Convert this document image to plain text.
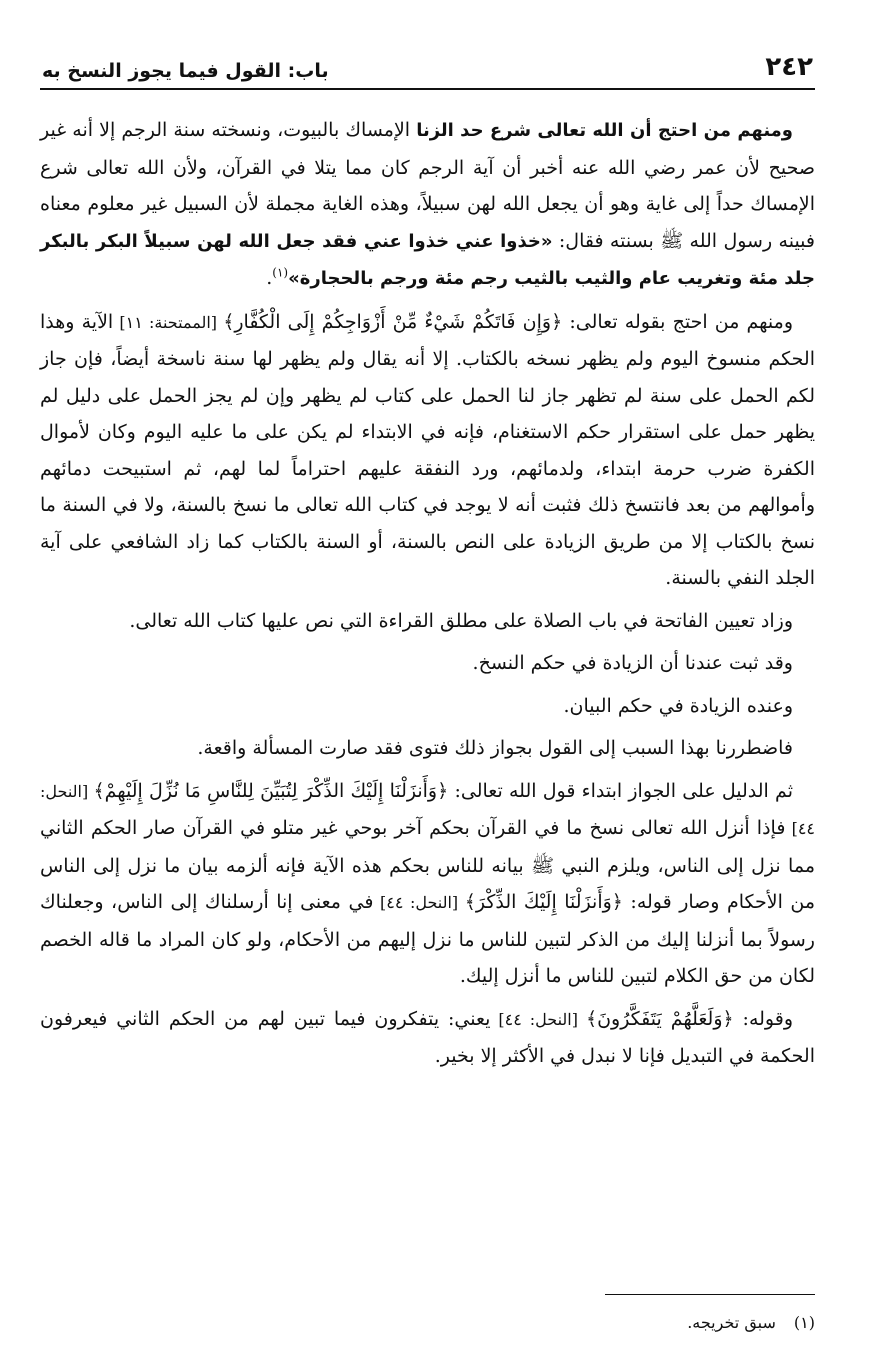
٢٤٢
باب: القول فيما يجوز النسخ به

ومنهم من احتج أن الله تعالى شرع حد الزنا الإمساك بالبيوت، ونسخته سنة الرجم إلا أنه غير صحيح لأن عمر رضي الله عنه أخبر أن آية الرجم كان مما يتلا في القرآن، ولأن الله تعالى شرع الإمساك حداً إلى غاية وهو أن يجعل الله لهن سبيلاً، وهذه الغاية مجملة لأن السبيل غير معلوم معناه فبينه رسول الله ﷺ بسنته فقال: «خذوا عني خذوا عني فقد جعل الله لهن سبيلاً البكر بالبكر جلد مئة وتغريب عام والثيب بالثيب رجم مئة ورجم بالحجارة»$^{(١)}$.

ومنهم من احتج بقوله تعالى: ﴿وَإِن فَاتَكُمْ شَيْءٌ مِّنْ أَزْوَاجِكُمْ إِلَى الْكُفَّارِ﴾ [الممتحنة: ١١] الآية وهذا الحكم منسوخ اليوم ولم يظهر نسخه بالكتاب. إلا أنه يقال ولم يظهر لها سنة ناسخة أيضاً، فإن جاز لكم الحمل على سنة لم تظهر جاز لنا الحمل على كتاب لم يظهر وإن لم يجز الحمل على دليل لم يظهر حمل على استقرار حكم الاستغنام، فإنه في الابتداء لم يكن على ما عليه اليوم وكان لأموال الكفرة ضرب حرمة ابتداء، ولدمائهم، ورد النفقة عليهم احتراماً لما لهم، ثم استبيحت دمائهم وأموالهم من بعد فانتسخ ذلك فثبت أنه لا يوجد في كتاب الله تعالى ما نسخ بالسنة، ولا في السنة ما نسخ بالكتاب إلا من طريق الزيادة على النص بالسنة، أو السنة بالكتاب كما زاد الشافعي على آية الجلد النفي بالسنة.

وزاد تعيين الفاتحة في باب الصلاة على مطلق القراءة التي نص عليها كتاب الله تعالى.

وقد ثبت عندنا أن الزيادة في حكم النسخ.

وعنده الزيادة في حكم البيان.

فاضطررنا بهذا السبب إلى القول بجواز ذلك فتوى فقد صارت المسألة واقعة.

ثم الدليل على الجواز ابتداء قول الله تعالى: ﴿وَأَنزَلْنَا إِلَيْكَ الذِّكْرَ لِتُبَيِّنَ لِلنَّاسِ مَا نُزِّلَ إِلَيْهِمْ﴾ [النحل: ٤٤] فإذا أنزل الله تعالى نسخ ما في القرآن بحكم آخر بوحي غير متلو في القرآن صار الحكم الثاني مما نزل إلى الناس، ويلزم النبي ﷺ بيانه للناس بحكم هذه الآية فإنه ألزمه بيان ما نزل إلى الناس من الأحكام وصار قوله: ﴿وَأَنزَلْنَا إِلَيْكَ الذِّكْرَ﴾ [النحل: ٤٤] في معنى إنا أرسلناك إلى الناس، وجعلناك رسولاً بما أنزلنا إليك من الذكر لتبين للناس ما نزل إليهم من الأحكام، ولو كان المراد ما قاله الخصم لكان من حق الكلام لتبين للناس ما أنزل إليك.

وقوله: ﴿وَلَعَلَّهُمْ يَتَفَكَّرُونَ﴾ [النحل: ٤٤] يعني: يتفكرون فيما تبين لهم من الحكم الثاني فيعرفون الحكمة في التبديل فإنا لا نبدل في الأكثر إلا بخير.

(١)
سبق تخريجه.
